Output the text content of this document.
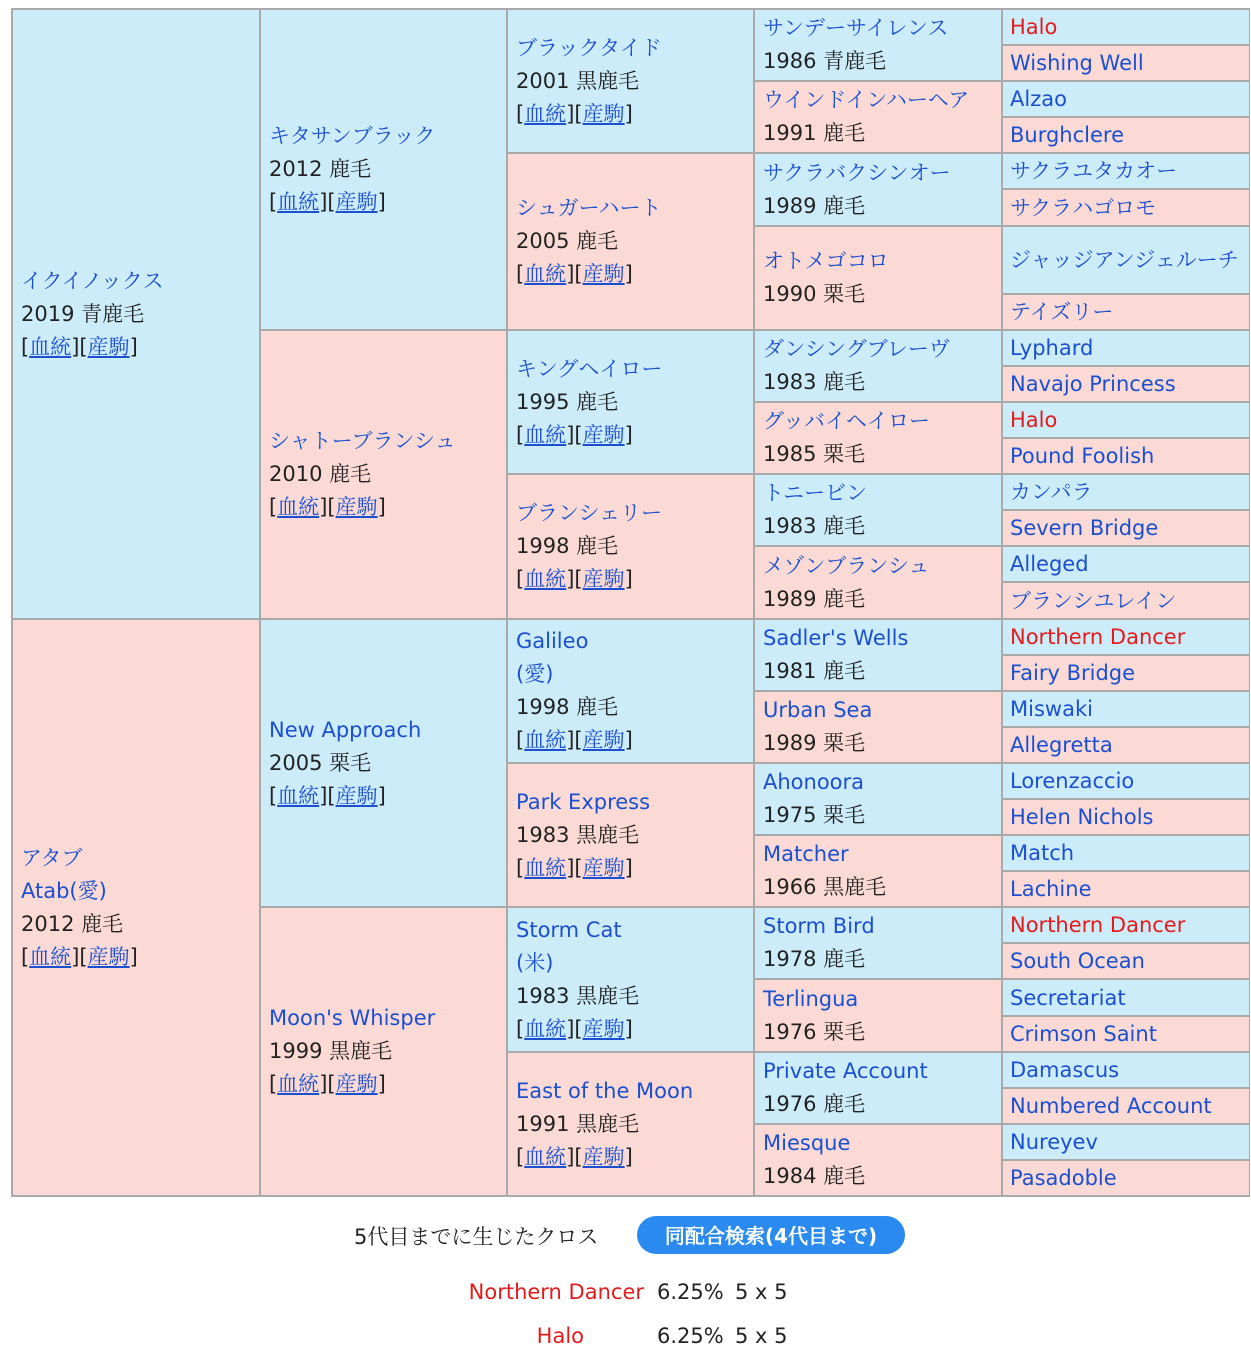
イクイノックス
2019 青鹿毛
[血統][産駒]
アタブ
Atab(愛)
2012 鹿毛
[血統][産駒]
キタサンブラック
2012 鹿毛
[血統][産駒]
シャトーブランシュ
2010 鹿毛
[血統][産駒]
New Approach
2005 栗毛
[血統][産駒]
Moon's Whisper
1999 黒鹿毛
[血統][産駒]
ブラックタイド
2001 黒鹿毛
[血統][産駒]
シュガーハート
2005 鹿毛
[血統][産駒]
キングヘイロー
1995 鹿毛
[血統][産駒]
ブランシェリー
1998 鹿毛
[血統][産駒]
Galileo
(愛)
1998 鹿毛
[血統][産駒]
Park Express
1983 黒鹿毛
[血統][産駒]
Storm Cat
(米)
1983 黒鹿毛
[血統][産駒]
East of the Moon
1991 黒鹿毛
[血統][産駒]
サンデーサイレンス
1986 青鹿毛
ウインドインハーヘア
1991 鹿毛
サクラバクシンオー
1989 鹿毛
オトメゴコロ
1990 栗毛
ダンシングブレーヴ
1983 鹿毛
グッバイヘイロー
1985 栗毛
トニービン
1983 鹿毛
メゾンブランシュ
1989 鹿毛
Sadler's Wells
1981 鹿毛
Urban Sea
1989 栗毛
Ahonoora
1975 栗毛
Matcher
1966 黒鹿毛
Storm Bird
1978 鹿毛
Terlingua
1976 栗毛
Private Account
1976 鹿毛
Miesque
1984 鹿毛
Halo
Wishing Well
Alzao
Burghclere
サクラユタカオー
サクラハゴロモ
ジャッジアンジェルーチ
テイズリー
Lyphard
Navajo Princess
Halo
Pound Foolish
カンパラ
Severn Bridge
Alleged
ブランシユレイン
Northern Dancer
Fairy Bridge
Miswaki
Allegretta
Lorenzaccio
Helen Nichols
Match
Lachine
Northern Dancer
South Ocean
Secretariat
Crimson Saint
Damascus
Numbered Account
Nureyev
Pasadoble
5代目までに生じたクロス	同配合検索(4代目まで)
Northern Dancer 6.25% 5 x 5
Halo	6.25% 5 x 5
